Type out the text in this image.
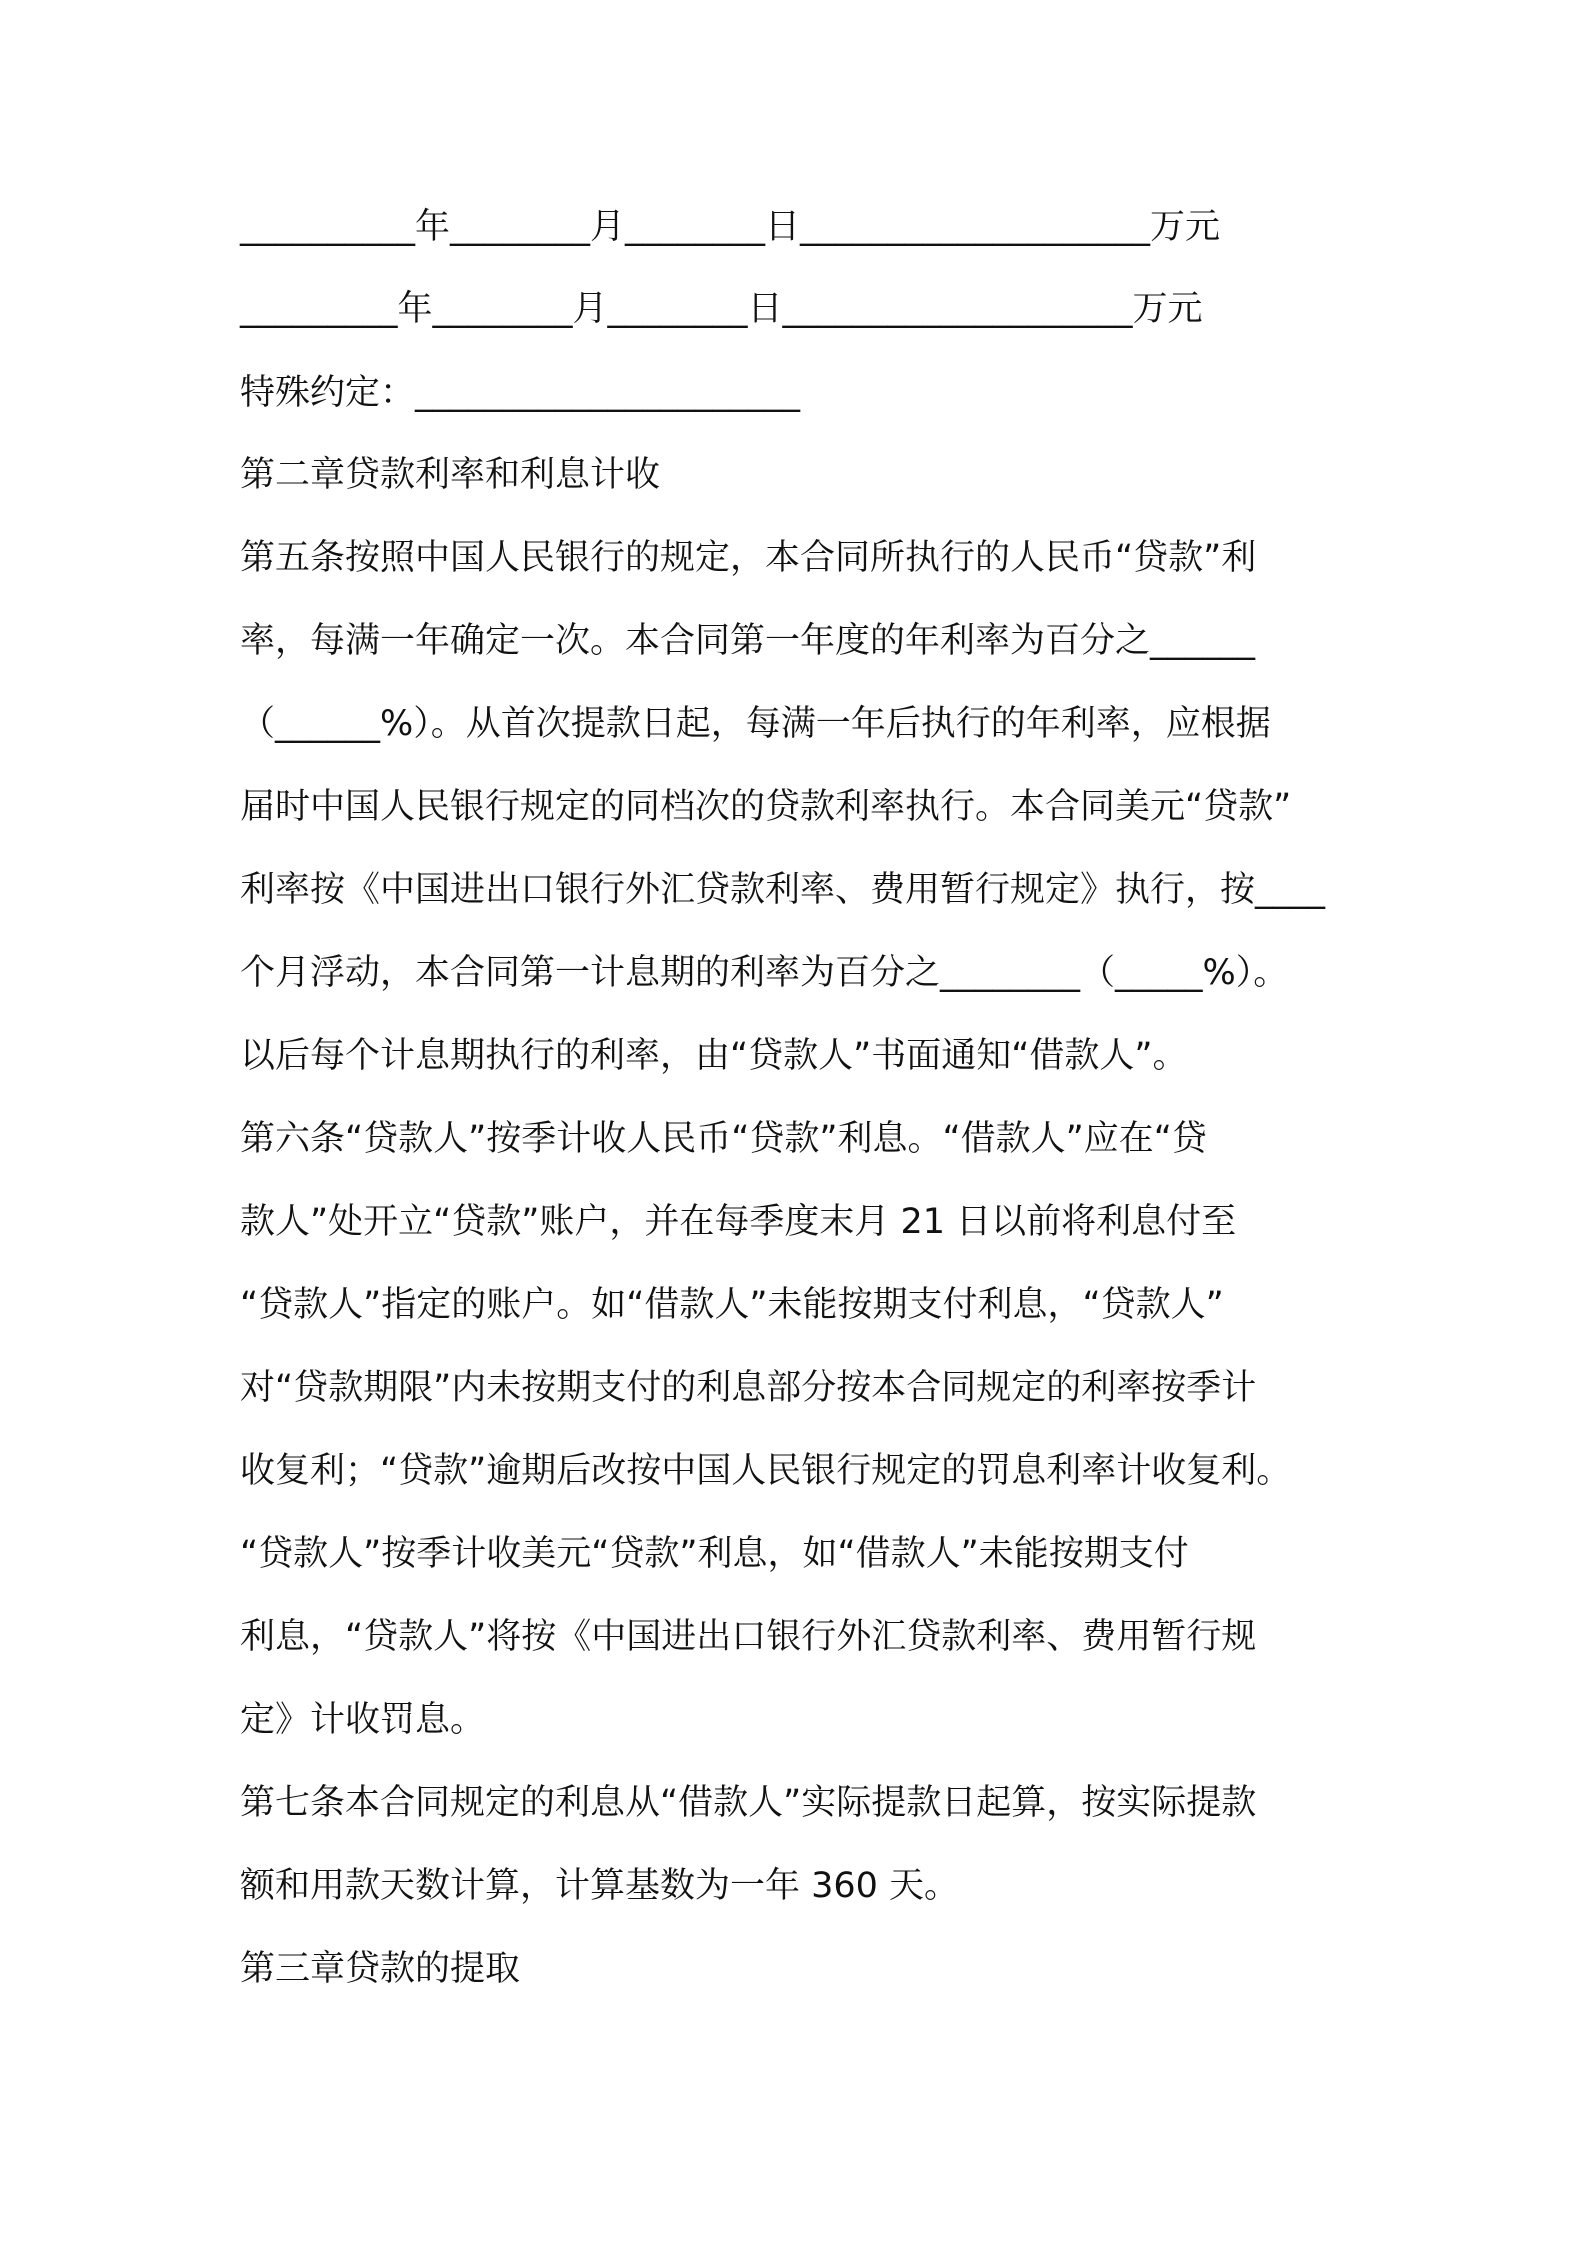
__________年________月________日____________________万元

_________年________月________日____________________万元

特殊约定：______________________

第二章贷款利率和利息计收

第五条按照中国人民银行的规定，本合同所执行的人民币“贷款”利

率，每满一年确定一次。本合同第一年度的年利率为百分之______

（______%）。从首次提款日起，每满一年后执行的年利率，应根据

届时中国人民银行规定的同档次的贷款利率执行。本合同美元“贷款”

利率按《中国进出口银行外汇贷款利率、费用暂行规定》执行，按____

个月浮动，本合同第一计息期的利率为百分之________（_____%）。

以后每个计息期执行的利率，由“贷款人”书面通知“借款人”。

第六条“贷款人”按季计收人民币“贷款”利息。“借款人”应在“贷

款人”处开立“贷款”账户，并在每季度末月 21 日以前将利息付至

“贷款人”指定的账户。如“借款人”未能按期支付利息，“贷款人”

对“贷款期限”内未按期支付的利息部分按本合同规定的利率按季计

收复利；“贷款”逾期后改按中国人民银行规定的罚息利率计收复利。

“贷款人”按季计收美元“贷款”利息，如“借款人”未能按期支付

利息，“贷款人”将按《中国进出口银行外汇贷款利率、费用暂行规

定》计收罚息。

第七条本合同规定的利息从“借款人”实际提款日起算，按实际提款

额和用款天数计算，计算基数为一年 360 天。

第三章贷款的提取
